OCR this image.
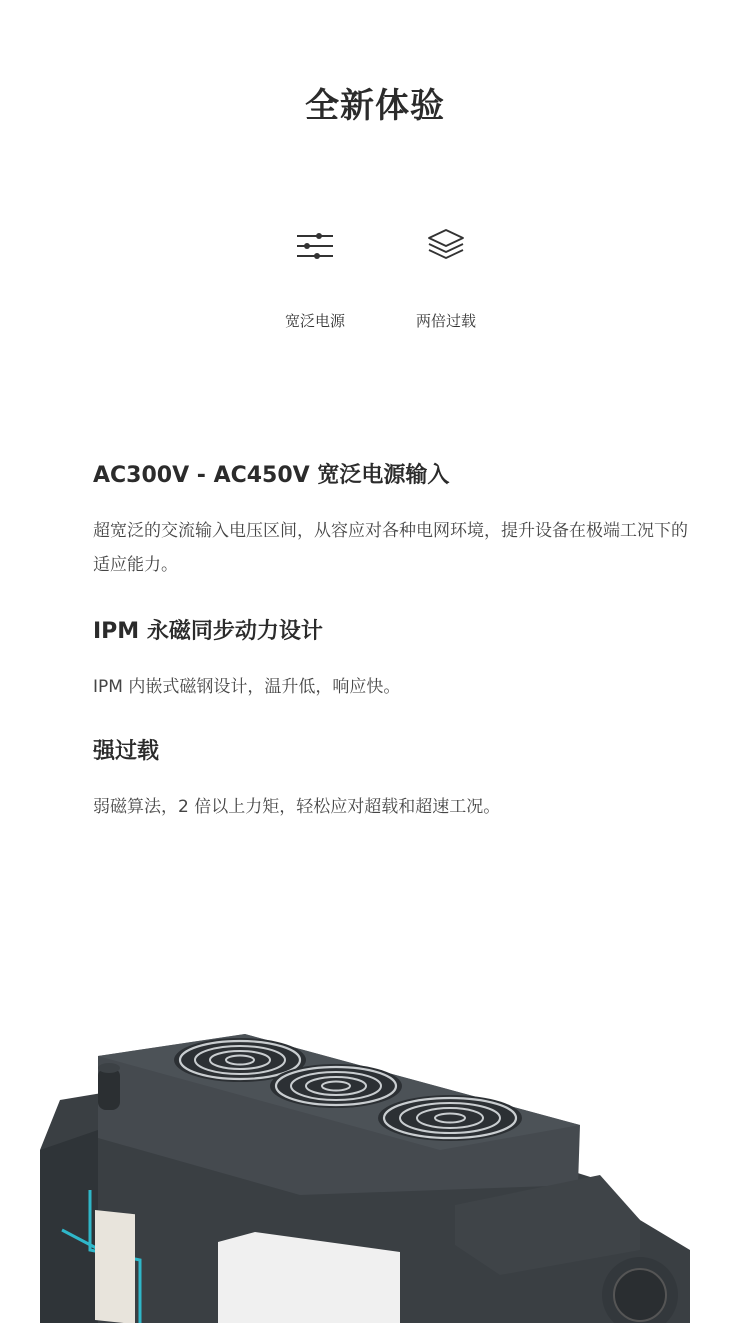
全新体验
宽泛电源	两倍过载
AC300V - AC450V 宽泛电源输入
超宽泛的交流输入电压区间，从容应对各种电网环境，提升设备在极端工况下的适应能力。
IPM 永磁同步动力设计
IPM 内嵌式磁钢设计，温升低，响应快。
强过载
弱磁算法，2 倍以上力矩，轻松应对超载和超速工况。
